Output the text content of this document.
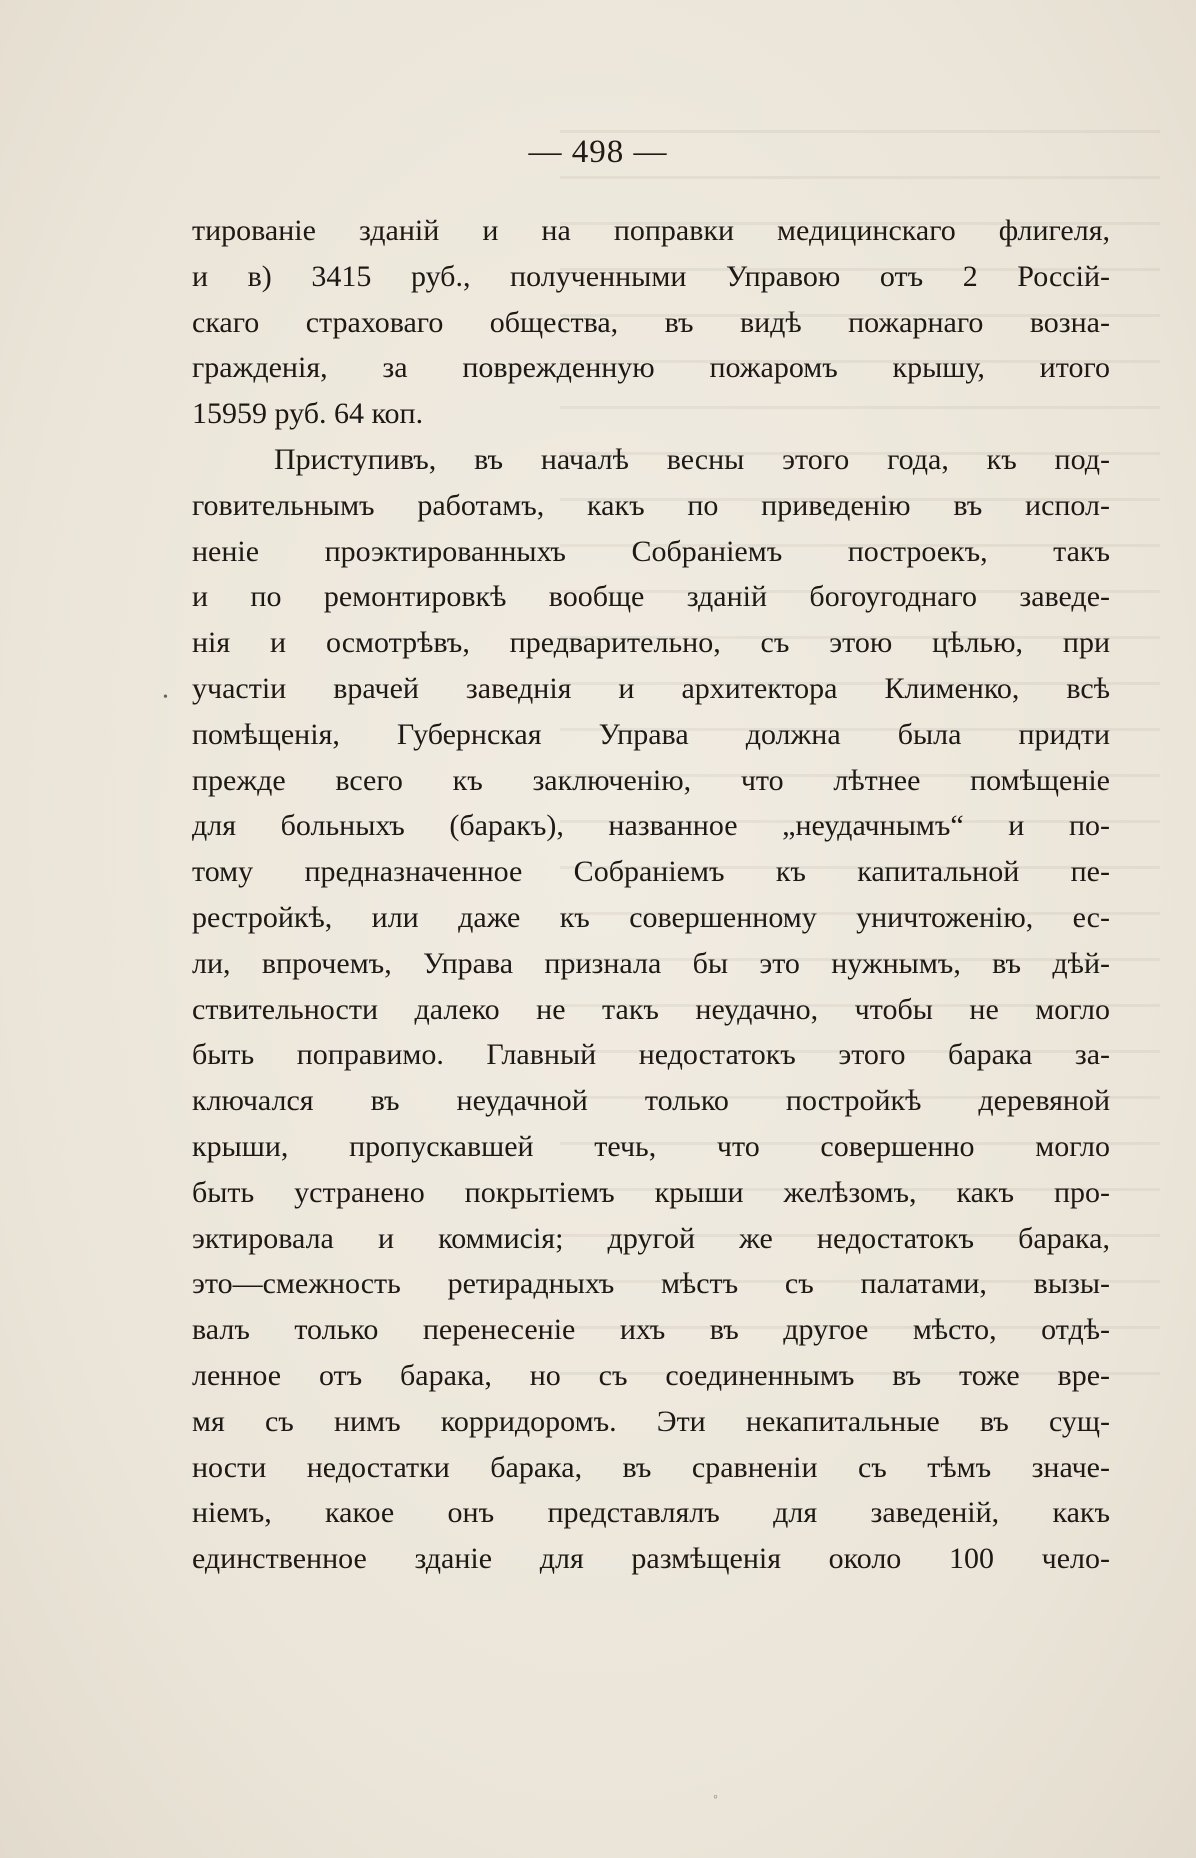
— 498 —
тированіе зданій и на поправки медицинскаго флигеля,
и в) 3415 руб., полученными Управою отъ 2 Россій-
скаго страховаго общества, въ видѣ пожарнаго возна-
гражденія, за поврежденную пожаромъ крышу, итого
15959 руб. 64 коп.
Приступивъ, въ началѣ весны этого года, къ под-
говительнымъ работамъ, какъ по приведенію въ испол-
неніе проэктированныхъ Собраніемъ построекъ, такъ
и по ремонтировкѣ вообще зданій богоугоднаго заведе-
нія и осмотрѣвъ, предварительно, съ этою цѣлью, при
участіи врачей заведнія и архитектора Клименко, всѣ
помѣщенія, Губернская Управа должна была придти
прежде всего къ заключенію, что лѣтнее помѣщеніе
для больныхъ (баракъ), названное „неудачнымъ“ и по-
тому предназначенное Собраніемъ къ капитальной пе-
рестройкѣ, или даже къ совершенному уничтоженію, ес-
ли, впрочемъ, Управа признала бы это нужнымъ, въ дѣй-
ствительности далеко не такъ неудачно, чтобы не могло
быть поправимо. Главный недостатокъ этого барака за-
ключался въ неудачной только постройкѣ деревяной
крыши, пропускавшей течь, что совершенно могло
быть устранено покрытіемъ крыши желѣзомъ, какъ про-
эктировала и коммисія; другой же недостатокъ барака,
это—смежность ретирадныхъ мѣстъ съ палатами, вызы-
валъ только перенесеніе ихъ въ другое мѣсто, отдѣ-
ленное отъ барака, но съ соединеннымъ въ тоже вре-
мя съ нимъ корридоромъ. Эти некапитальные въ сущ-
ности недостатки барака, въ сравненіи съ тѣмъ значе-
ніемъ, какое онъ представлялъ для заведеній, какъ
единственное зданіе для размѣщенія около 100 чело-
•
◦
